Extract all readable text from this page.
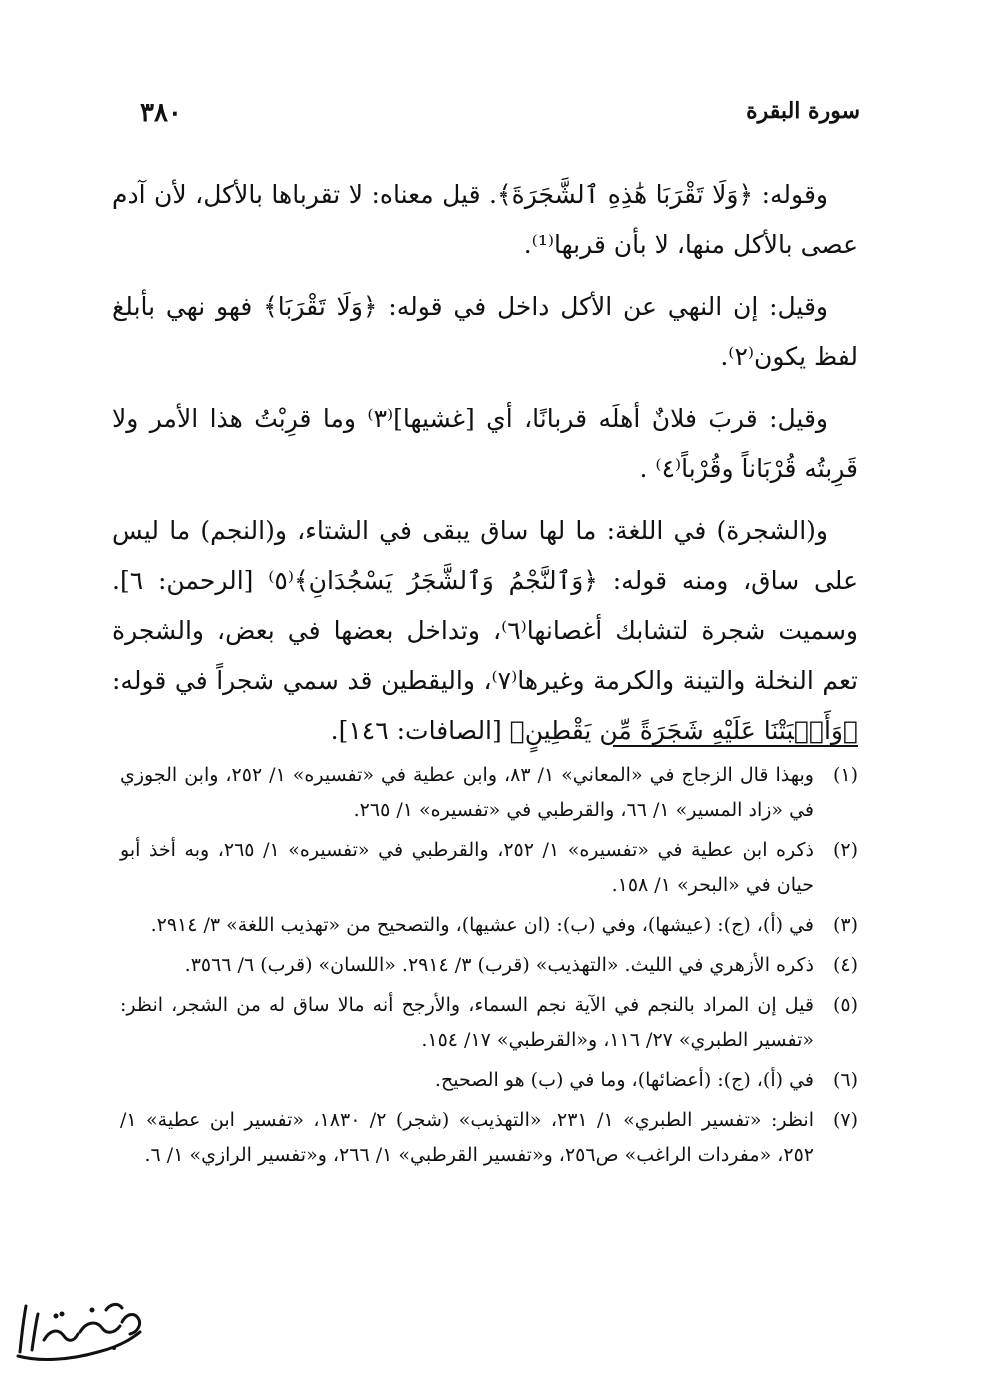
٣٨٠	سورة البقرة

وقوله: ﴿وَلَا تَقْرَبَا هَٰذِهِ ٱلشَّجَرَةَ﴾. قيل معناه: لا تقرباها بالأكل، لأن آدم عصى بالأكل منها، لا بأن قربها⁽¹⁾.

وقيل: إن النهي عن الأكل داخل في قوله: ﴿وَلَا تَقْرَبَا﴾ فهو نهي بأبلغ لفظ يكون⁽٢⁾.

وقيل: قربَ فلانٌ أهلَه قربانًا، أي [غشيها]⁽٣⁾ وما قرِبْتُ هذا الأمر ولا قَرِبتُه قُرْبَاناً وقُرْباً⁽٤⁾ .

و(الشجرة) في اللغة: ما لها ساق يبقى في الشتاء، و(النجم) ما ليس على ساق، ومنه قوله: ﴿وَٱلنَّجْمُ وَٱلشَّجَرُ يَسْجُدَانِ﴾⁽٥⁾ [الرحمن: ٦]. وسميت شجرة لتشابك أغصانها⁽٦⁾، وتداخل بعضها في بعض، والشجرة تعم النخلة والتينة والكرمة وغيرها⁽٧⁾، واليقطين قد سمي شجراً في قوله: ﴿وَأَنۢبَتْنَا عَلَيْهِ شَجَرَةً مِّن يَقْطِينٍ﴾ [الصافات: ١٤٦].

(١)
وبهذا قال الزجاج في «المعاني» ١/ ٨٣، وابن عطية في «تفسيره» ١/ ٢٥٢، وابن الجوزي في «زاد المسير» ١/ ٦٦، والقرطبي في «تفسيره» ١/ ٢٦٥.
(٢)
ذكره ابن عطية في «تفسيره» ١/ ٢٥٢، والقرطبي في «تفسيره» ١/ ٢٦٥، وبه أخذ أبو حيان في «البحر» ١/ ١٥٨.
(٣)
في (أ)، (ج): (عيشها)، وفي (ب): (ان عشيها)، والتصحيح من «تهذيب اللغة» ٣/ ٢٩١٤.
(٤)
ذكره الأزهري في الليث. «التهذيب» (قرب) ٣/ ٢٩١٤. «اللسان» (قرب) ٦/ ٣٥٦٦.
(٥)
قيل إن المراد بالنجم في الآية نجم السماء، والأرجح أنه مالا ساق له من الشجر، انظر: «تفسير الطبري» ٢٧/ ١١٦، و«القرطبي» ١٧/ ١٥٤.
(٦)
في (أ)، (ج): (أعضائها)، وما في (ب) هو الصحيح.
(٧)
انظر: «تفسير الطبري» ١/ ٢٣١، «التهذيب» (شجر) ٢/ ١٨٣٠، «تفسير ابن عطية» ١/ ٢٥٢، «مفردات الراغب» ص٢٥٦، و«تفسير القرطبي» ١/ ٢٦٦، و«تفسير الرازي» ١/ ٦.
